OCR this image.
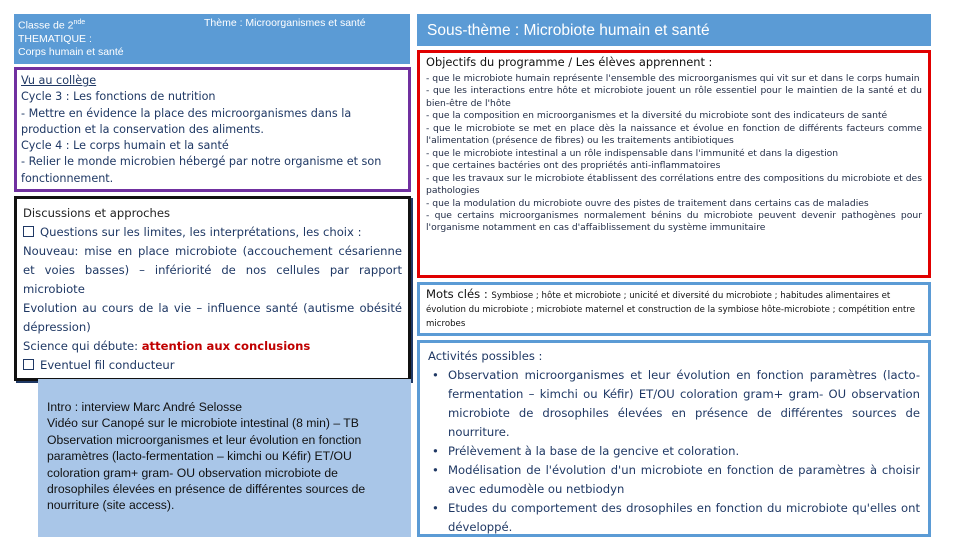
Classe de 2nde
THEMATIQUE :
Corps humain et santé
Thème : Microorganismes et santé	Sous-thème : Microbiote humain et santé
Vu au collège
Cycle 3 : Les fonctions de nutrition
- Mettre en évidence la place des microorganismes dans la production et la conservation des aliments.
Cycle 4 : Le corps humain et la santé
- Relier le monde microbien hébergé par notre organisme et son fonctionnement.
Discussions et approches
Questions sur les limites, les interprétations, les choix :
Nouveau: mise en place microbiote (accouchement césarienne et voies basses) – infériorité de nos cellules par rapport microbiote
Evolution au cours de la vie – influence santé (autisme obésité dépression)
Science qui débute: attention aux conclusions
Eventuel fil conducteur
Intro : interview Marc André Selosse
Vidéo sur Canopé sur le microbiote intestinal (8 min) – TB
Observation microorganismes et leur évolution en fonction paramètres (lacto-fermentation – kimchi ou Kéfir) ET/OU coloration gram+ gram- OU observation microbiote de drosophiles élevées en présence de différentes sources de nourriture (site access).
Objectifs du programme / Les élèves apprennent :
- que le microbiote humain représente l'ensemble des microorganismes qui vit sur et dans le corps humain
- que les interactions entre hôte et microbiote jouent un rôle essentiel pour le maintien de la santé et du bien-être de l'hôte
- que la composition en microorganismes et la diversité du microbiote sont des indicateurs de santé
- que le microbiote se met en place dès la naissance et évolue en fonction de différents facteurs comme l'alimentation (présence de fibres) ou les traitements antibiotiques
- que le microbiote intestinal a un rôle indispensable dans l'immunité et dans la digestion
- que certaines bactéries ont des propriétés anti-inflammatoires
- que les travaux sur le microbiote établissent des corrélations entre des compositions du microbiote et des pathologies
- que la modulation du microbiote ouvre des pistes de traitement dans certains cas de maladies
- que certains microorganismes normalement bénins du microbiote peuvent devenir pathogènes pour l'organisme notamment en cas d'affaiblissement du système immunitaire
Mots clés : Symbiose ; hôte et microbiote ; unicité et diversité du microbiote ; habitudes alimentaires et évolution du microbiote ; microbiote maternel et construction de la symbiose hôte-microbiote ; compétition entre microbes
Activités possibles :
• Observation microorganismes et leur évolution en fonction paramètres (lacto-fermentation – kimchi ou Kéfir) ET/OU coloration gram+ gram- OU observation microbiote de drosophiles élevées en présence de différentes sources de nourriture.
• Prélèvement à la base de la gencive et coloration.
• Modélisation de l'évolution d'un microbiote en fonction de paramètres à choisir avec edumodèle ou netbiodyn
• Etudes du comportement des drosophiles en fonction du microbiote qu'elles ont développé.
